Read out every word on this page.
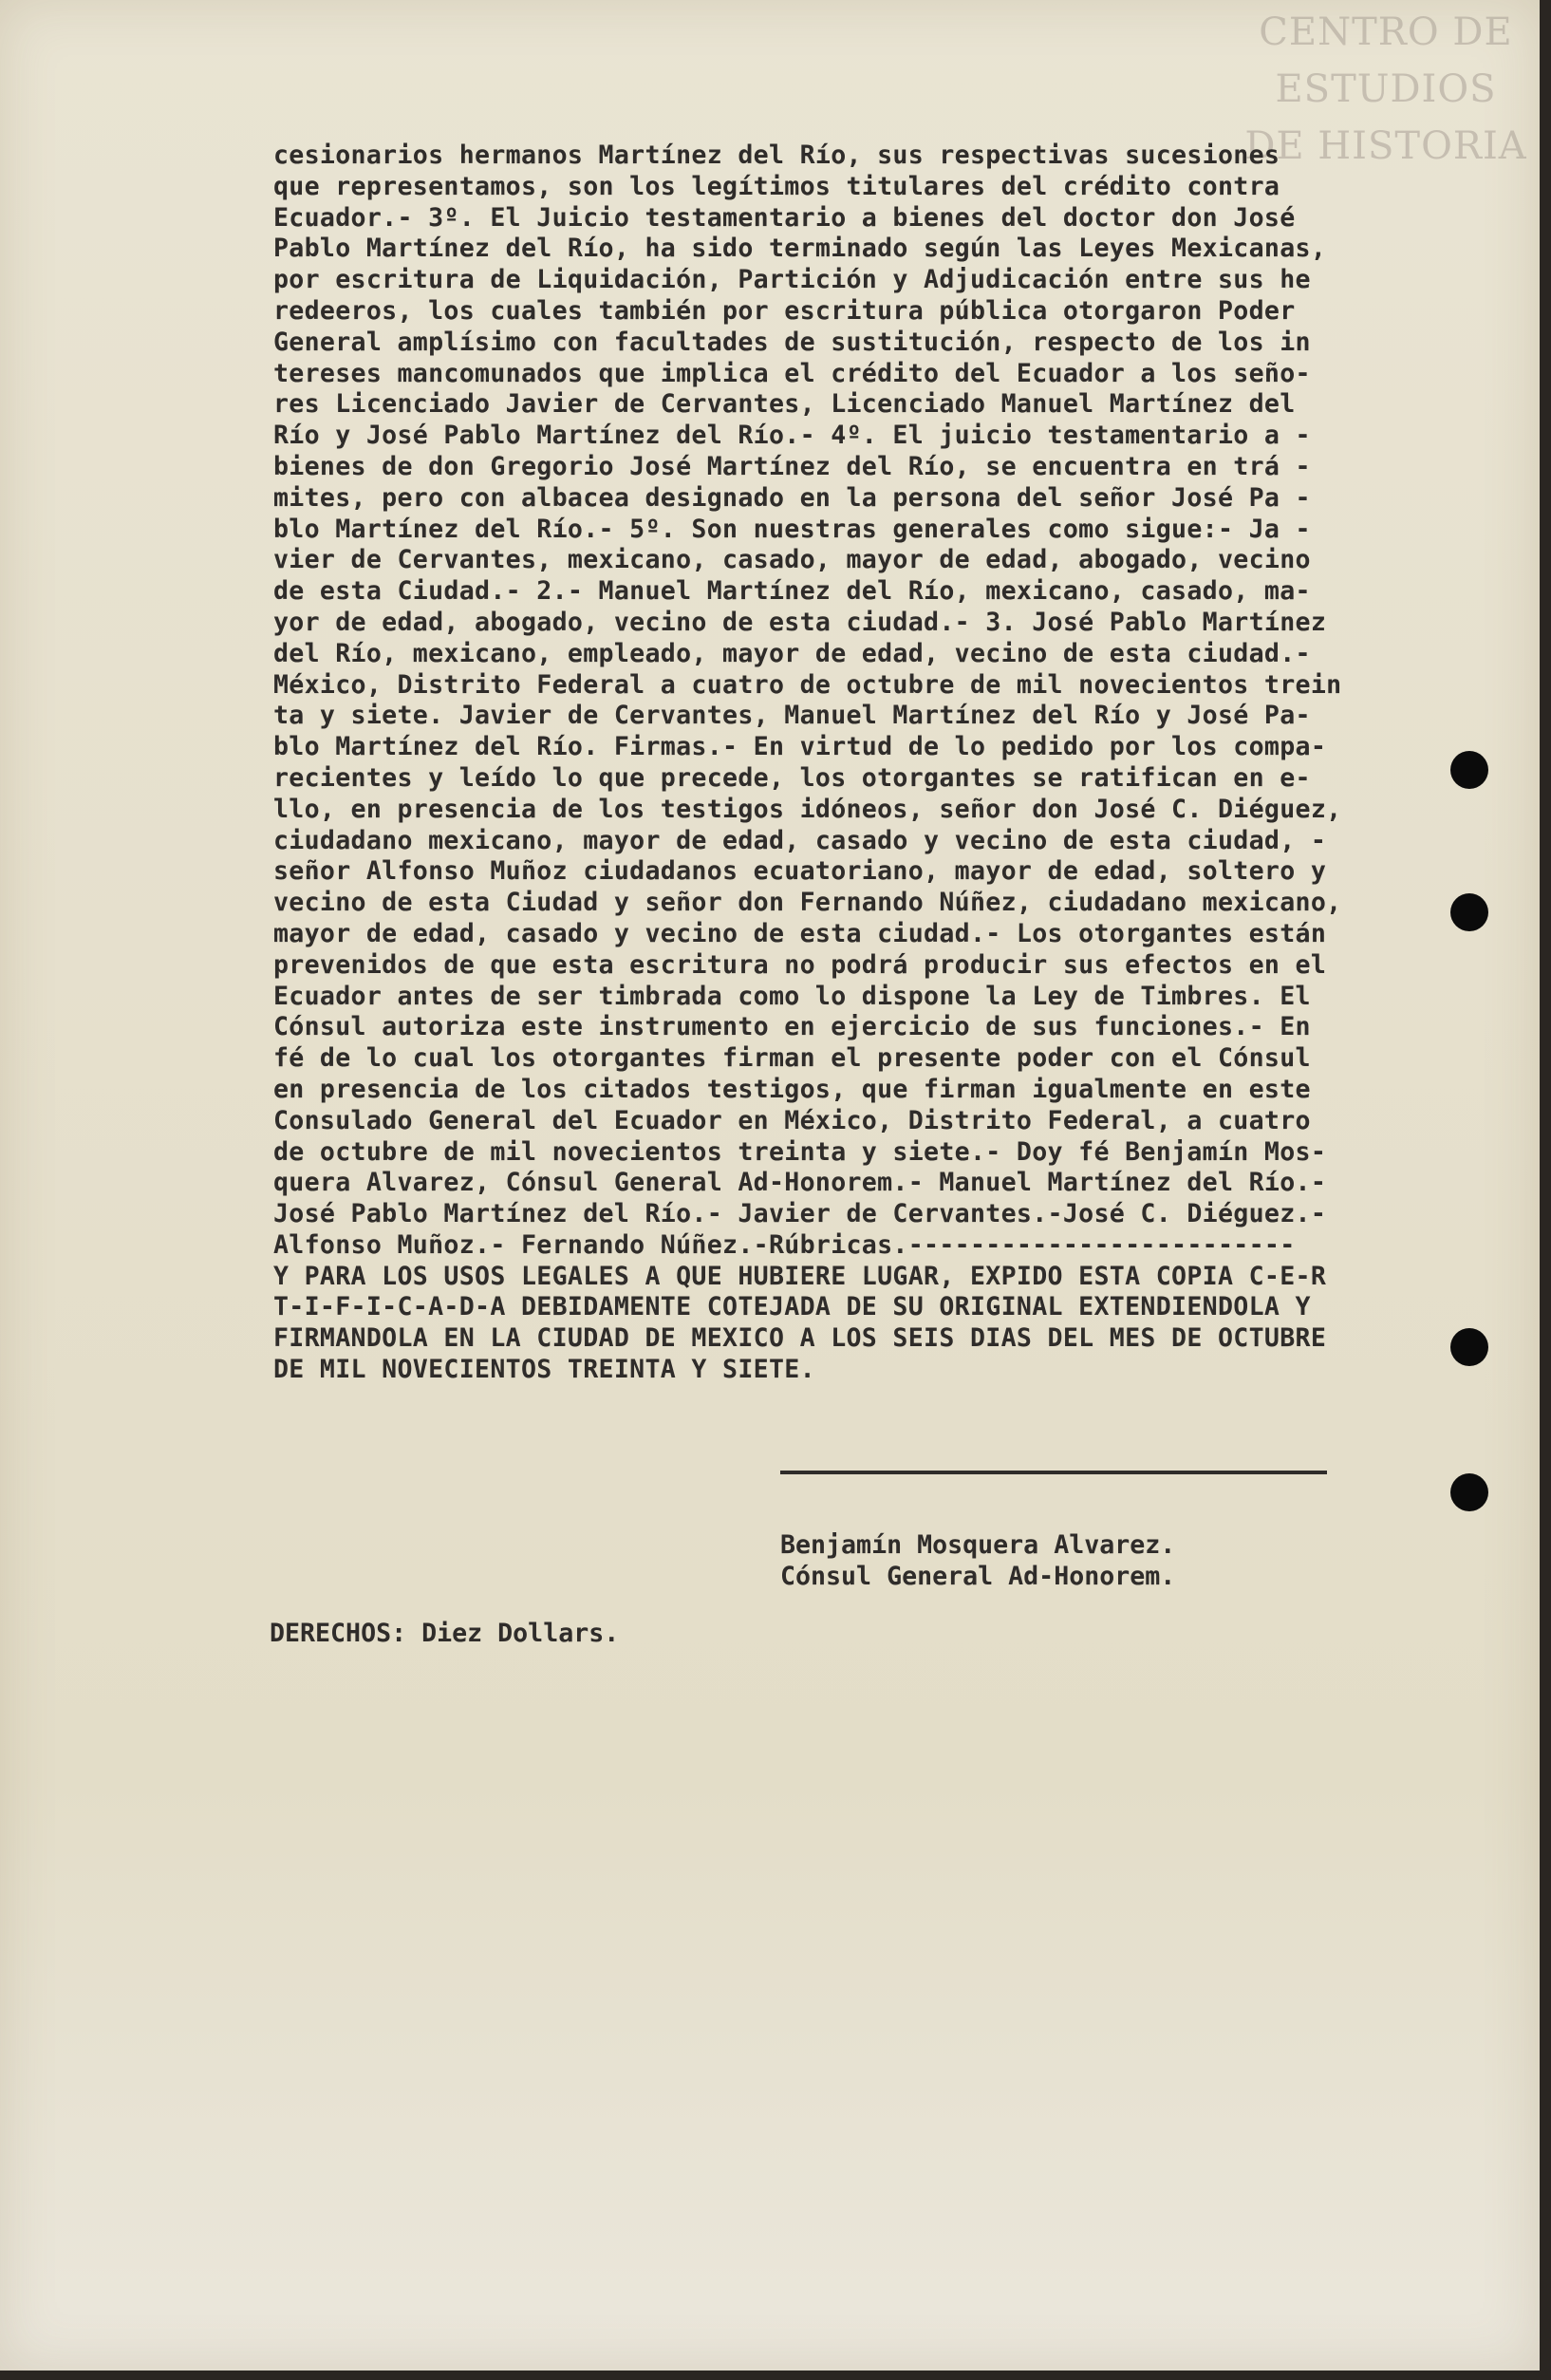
CENTRO DE
ESTUDIOS
DE HISTORIA
cesionarios hermanos Martínez del Río, sus respectivas sucesiones
que representamos, son los legítimos titulares del crédito contra
Ecuador.- 3º. El Juicio testamentario a bienes del doctor don José
Pablo Martínez del Río, ha sido terminado según las Leyes Mexicanas,
por escritura de Liquidación, Partición y Adjudicación entre sus he
redeeros, los cuales también por escritura pública otorgaron Poder
General amplísimo con facultades de sustitución, respecto de los in
tereses mancomunados que implica el crédito del Ecuador a los seño-
res Licenciado Javier de Cervantes, Licenciado Manuel Martínez del
Río y José Pablo Martínez del Río.- 4º. El juicio testamentario a -
bienes de don Gregorio José Martínez del Río, se encuentra en trá -
mites, pero con albacea designado en la persona del señor José Pa -
blo Martínez del Río.- 5º. Son nuestras generales como sigue:- Ja -
vier de Cervantes, mexicano, casado, mayor de edad, abogado, vecino
de esta Ciudad.- 2.- Manuel Martínez del Río, mexicano, casado, ma-
yor de edad, abogado, vecino de esta ciudad.- 3. José Pablo Martínez
del Río, mexicano, empleado, mayor de edad, vecino de esta ciudad.-
México, Distrito Federal a cuatro de octubre de mil novecientos trein
ta y siete. Javier de Cervantes, Manuel Martínez del Río y José Pa-
blo Martínez del Río. Firmas.- En virtud de lo pedido por los compa-
recientes y leído lo que precede, los otorgantes se ratifican en e-
llo, en presencia de los testigos idóneos, señor don José C. Diéguez,
ciudadano mexicano, mayor de edad, casado y vecino de esta ciudad, -
señor Alfonso Muñoz ciudadanos ecuatoriano, mayor de edad, soltero y
vecino de esta Ciudad y señor don Fernando Núñez, ciudadano mexicano,
mayor de edad, casado y vecino de esta ciudad.- Los otorgantes están
prevenidos de que esta escritura no podrá producir sus efectos en el
Ecuador antes de ser timbrada como lo dispone la Ley de Timbres. El
Cónsul autoriza este instrumento en ejercicio de sus funciones.- En
fé de lo cual los otorgantes firman el presente poder con el Cónsul
en presencia de los citados testigos, que firman igualmente en este
Consulado General del Ecuador en México, Distrito Federal, a cuatro
de octubre de mil novecientos treinta y siete.- Doy fé Benjamín Mos-
quera Alvarez, Cónsul General Ad-Honorem.- Manuel Martínez del Río.-
José Pablo Martínez del Río.- Javier de Cervantes.-José C. Diéguez.-
Alfonso Muñoz.- Fernando Núñez.-Rúbricas.-------------------------
Y PARA LOS USOS LEGALES A QUE HUBIERE LUGAR, EXPIDO ESTA COPIA C-E-R
T-I-F-I-C-A-D-A DEBIDAMENTE COTEJADA DE SU ORIGINAL EXTENDIENDOLA Y
FIRMANDOLA EN LA CIUDAD DE MEXICO A LOS SEIS DIAS DEL MES DE OCTUBRE
DE MIL NOVECIENTOS TREINTA Y SIETE.
Benjamín Mosquera Alvarez.
Cónsul General Ad-Honorem.
DERECHOS: Diez Dollars.
